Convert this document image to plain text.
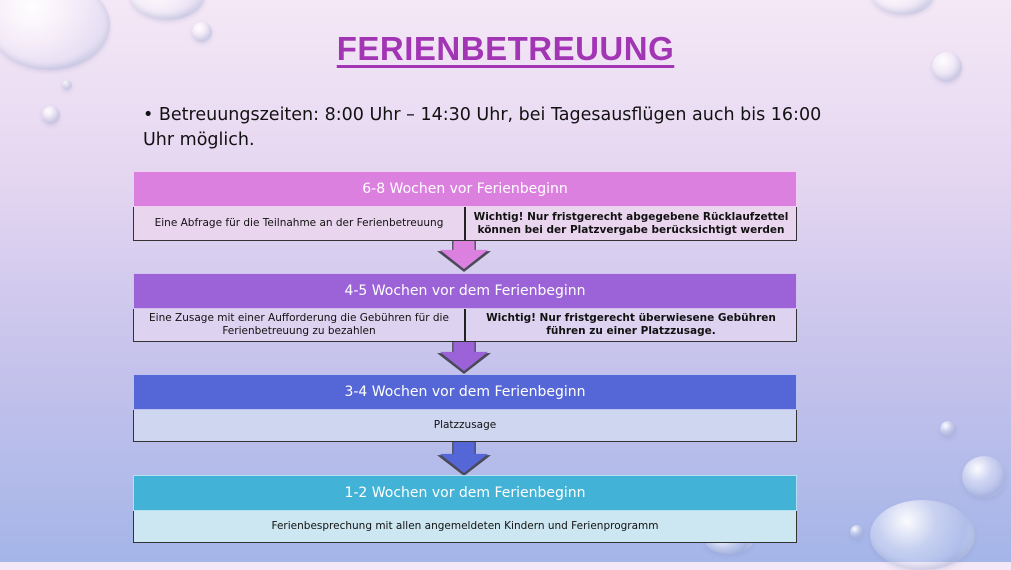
FERIENBETREUUNG
• Betreuungszeiten: 8:00 Uhr – 14:30 Uhr, bei Tagesausflügen auch bis 16:00 Uhr möglich.
6-8 Wochen vor Ferienbeginn
Eine Abfrage für die Teilnahme an der Ferienbetreuung
Wichtig! Nur fristgerecht abgegebene Rücklaufzettel können bei der Platzvergabe berücksichtigt werden
4-5 Wochen vor dem Ferienbeginn
Eine Zusage mit einer Aufforderung die Gebühren für die Ferienbetreuung zu bezahlen
Wichtig! Nur fristgerecht überwiesene Gebühren führen zu einer Platzzusage.
3-4 Wochen vor dem Ferienbeginn
Platzzusage
1-2 Wochen vor dem Ferienbeginn
Ferienbesprechung mit allen angemeldeten Kindern und Ferienprogramm
